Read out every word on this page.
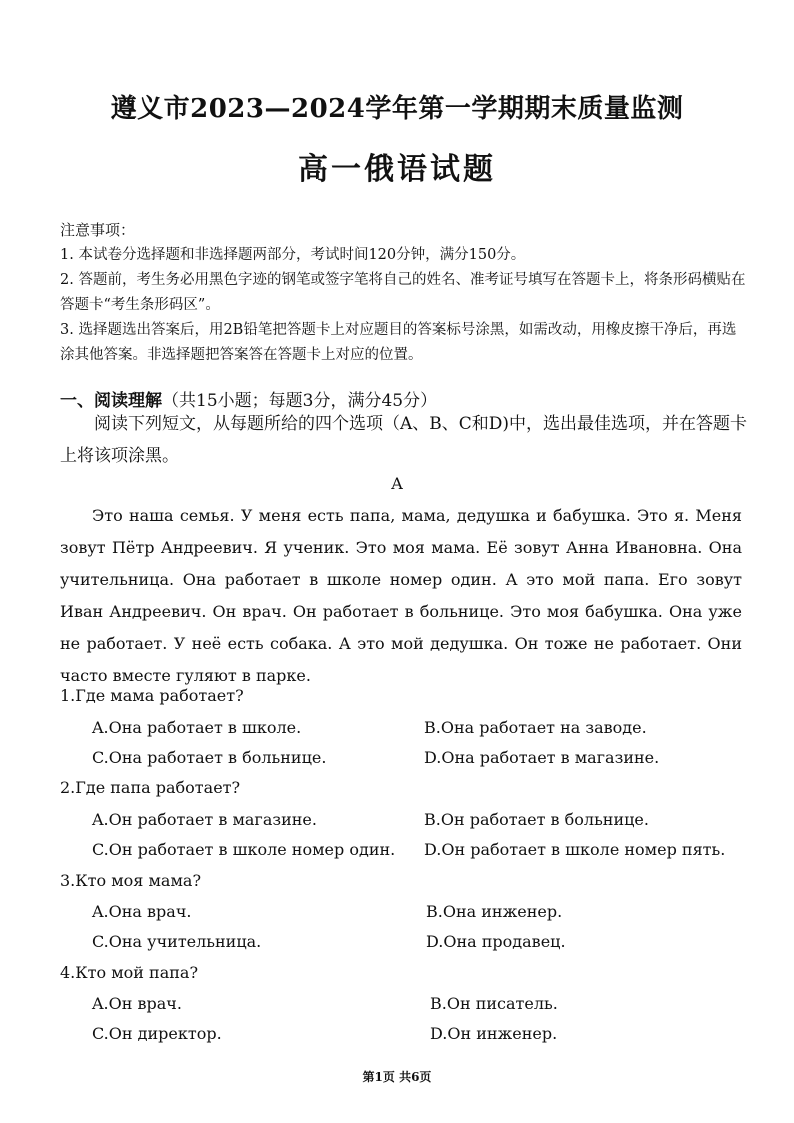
遵义市2023—2024学年第一学期期末质量监测
高一俄语试题
注意事项：
1. 本试卷分选择题和非选择题两部分，考试时间120分钟，满分150分。
2. 答题前，考生务必用黑色字迹的钢笔或签字笔将自己的姓名、准考证号填写在答题卡上，将条形码横贴在答题卡“考生条形码区”。
3. 选择题选出答案后，用2B铅笔把答题卡上对应题目的答案标号涂黑，如需改动，用橡皮擦干净后，再选涂其他答案。非选择题把答案答在答题卡上对应的位置。
一、阅读理解（共15小题；每题3分，满分45分）
阅读下列短文，从每题所给的四个选项（A、B、C和D)中，选出最佳选项，并在答题卡上将该项涂黑。
A
Это наша семья. У меня есть папа, мама, дедушка и бабушка. Это я. Меня зовут Пётр Андреевич. Я ученик. Это моя мама. Её зовут Анна Ивановна. Она учительница. Она работает в школе номер один. А это мой папа. Его зовут Иван Андреевич. Он врач. Он работает в больнице. Это моя бабушка. Она уже не работает. У неё есть собака. А это мой дедушка. Он тоже не работает. Они часто вместе гуляют в парке.
1.Где мама работает?
A.Она работает в школе.	B.Она работает на заводе.
C.Она работает в больнице.	D.Она работает в магазине.
2.Где папа работает?
A.Он работает в магазине.	B.Он работает в больнице.
C.Он работает в школе номер один. D.Он работает в школе номер пять.
3.Кто моя мама?
A.Она врач.	B.Она инженер.
C.Она учительница.	D.Она продавец.
4.Кто мой папа?
A.Он врач.	B.Он писатель.
C.Он директор.	D.Он инженер.
第1页 共6页
